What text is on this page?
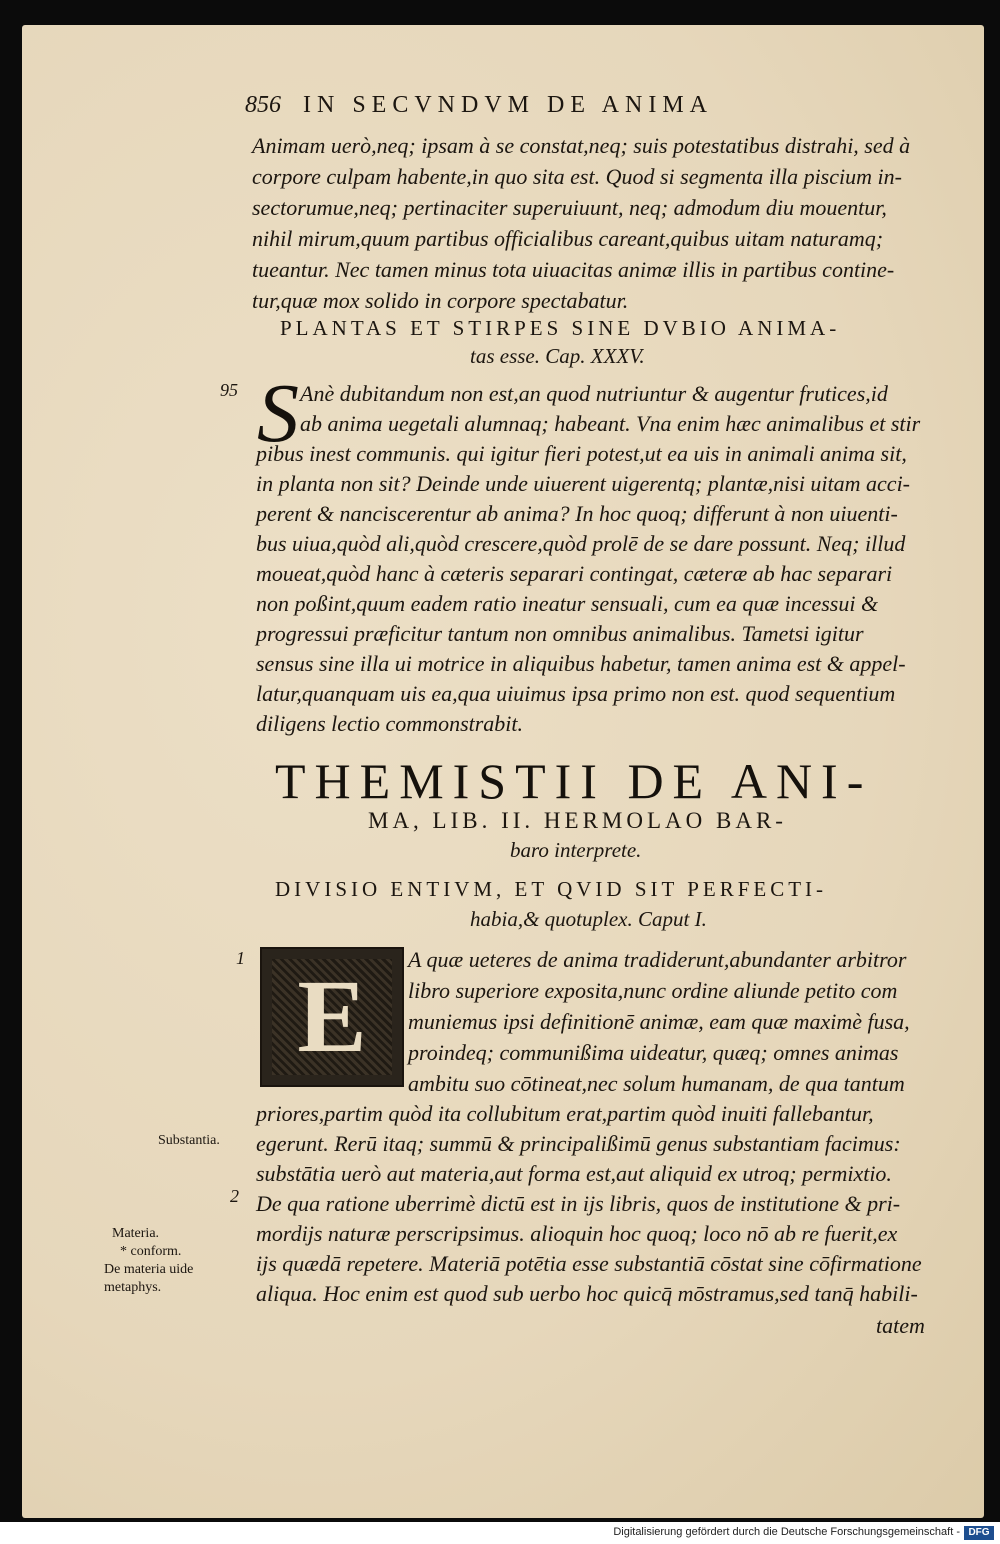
856 IN SECVNDVM DE ANIMA
Animam uerò,neq; ipsam à se constat,neq; suis potestatibus distrahi, sed à
corpore culpam habente,in quo sita est. Quod si segmenta illa piscium in-
sectorumue,neq; pertinaciter superuiuunt, neq; admodum diu mouentur,
nihil mirum,quum partibus officialibus careant,quibus uitam naturamq;
tueantur. Nec tamen minus tota uiuacitas animæ illis in partibus contine-
tur,quæ mox solido in corpore spectabatur.
PLANTAS ET STIRPES SINE DVBIO ANIMA-
tas esse. Cap. XXXV.
95 S Anè dubitandum non est,an quod nutriuntur & augentur frutices,id
ab anima uegetali alumnaq; habeant. Vna enim hæc animalibus et stir
pibus inest communis. qui igitur fieri potest,ut ea uis in animali anima sit,
in planta non sit? Deinde unde uiuerent uigerentq; plantæ,nisi uitam acci-
perent & nanciscerentur ab anima? In hoc quoq; differunt à non uiuenti-
bus uiua,quòd ali,quòd crescere,quòd prolē de se dare possunt. Neq; illud
moueat,quòd hanc à cæteris separari contingat, cæteræ ab hac separari
non poßint,quum eadem ratio ineatur sensuali, cum ea quæ incessui &
progressui præficitur tantum non omnibus animalibus. Tametsi igitur
sensus sine illa ui motrice in aliquibus habetur, tamen anima est & appel-
latur,quanquam uis ea,qua uiuimus ipsa primo non est. quod sequentium
diligens lectio commonstrabit.
THEMISTII DE ANI-
MA, LIB. II. HERMOLAO BAR-
baro interprete.
DIVISIO ENTIVM, ET QVID SIT PERFECTI-
habia,& quotuplex. Caput I.
1
E A quæ ueteres de anima tradiderunt,abundanter arbitror
libro superiore exposita,nunc ordine aliunde petito com
muniemus ipsi definitionē animæ, eam quæ maximè fusa,
proindeq; communißima uideatur, quæq; omnes animas
ambitu suo cōtineat,nec solum humanam, de qua tantum
priores,partim quòd ita collubitum erat,partim quòd inuiti fallebantur,
egerunt. Rerū itaq; summū & principalißimū genus substantiam facimus:
substātia uerò aut materia,aut forma est,aut aliquid ex utroq; permixtio.
De qua ratione uberrimè dictū est in ijs libris, quos de institutione & pri-
mordijs naturæ perscripsimus. alioquin hoc quoq; loco nō ab re fuerit,ex
ijs quædā repetere. Materiā potētia esse substantiā cōstat sine cōfirmatione
aliqua. Hoc enim est quod sub uerbo hoc quicq̄ mōstramus,sed tanq̄ habili-
tatem
2
Substantia.
Materia.
* conform.
De materia uide
metaphys.
Digitalisierung gefördert durch die Deutsche Forschungsgemeinschaft - DFG
